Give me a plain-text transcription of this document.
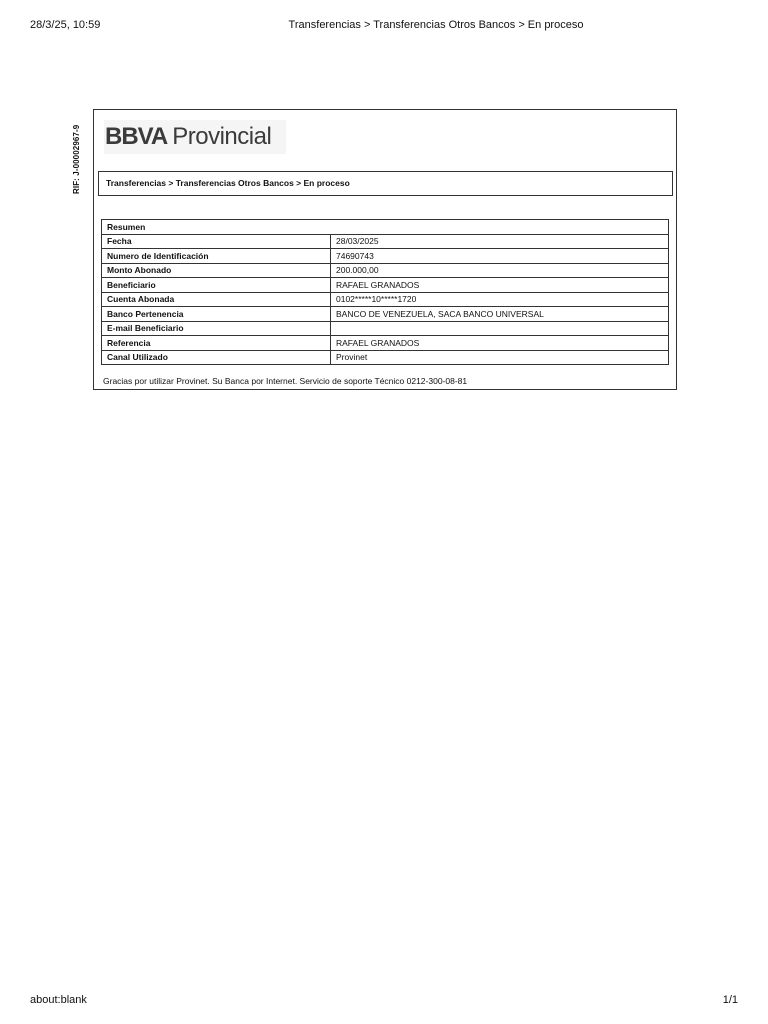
28/3/25, 10:59	Transferencias > Transferencias Otros Bancos > En proceso
RIF: J-00002967-9 BBVA Provincial
Transferencias > Transferencias Otros Bancos > En proceso
Resumen	
Fecha	28/03/2025
Numero de Identificación	74690743
Monto Abonado	200.000,00
Beneficiario	RAFAEL GRANADOS
Cuenta Abonada	0102*****10*****1720
Banco Pertenencia	BANCO DE VENEZUELA, SACA BANCO UNIVERSAL
E-mail Beneficiario	
Referencia	RAFAEL GRANADOS
Canal Utilizado	Provinet
Gracias por utilizar Provinet. Su Banca por Internet. Servicio de soporte Técnico 0212-300-08-81
about:blank	1/1
